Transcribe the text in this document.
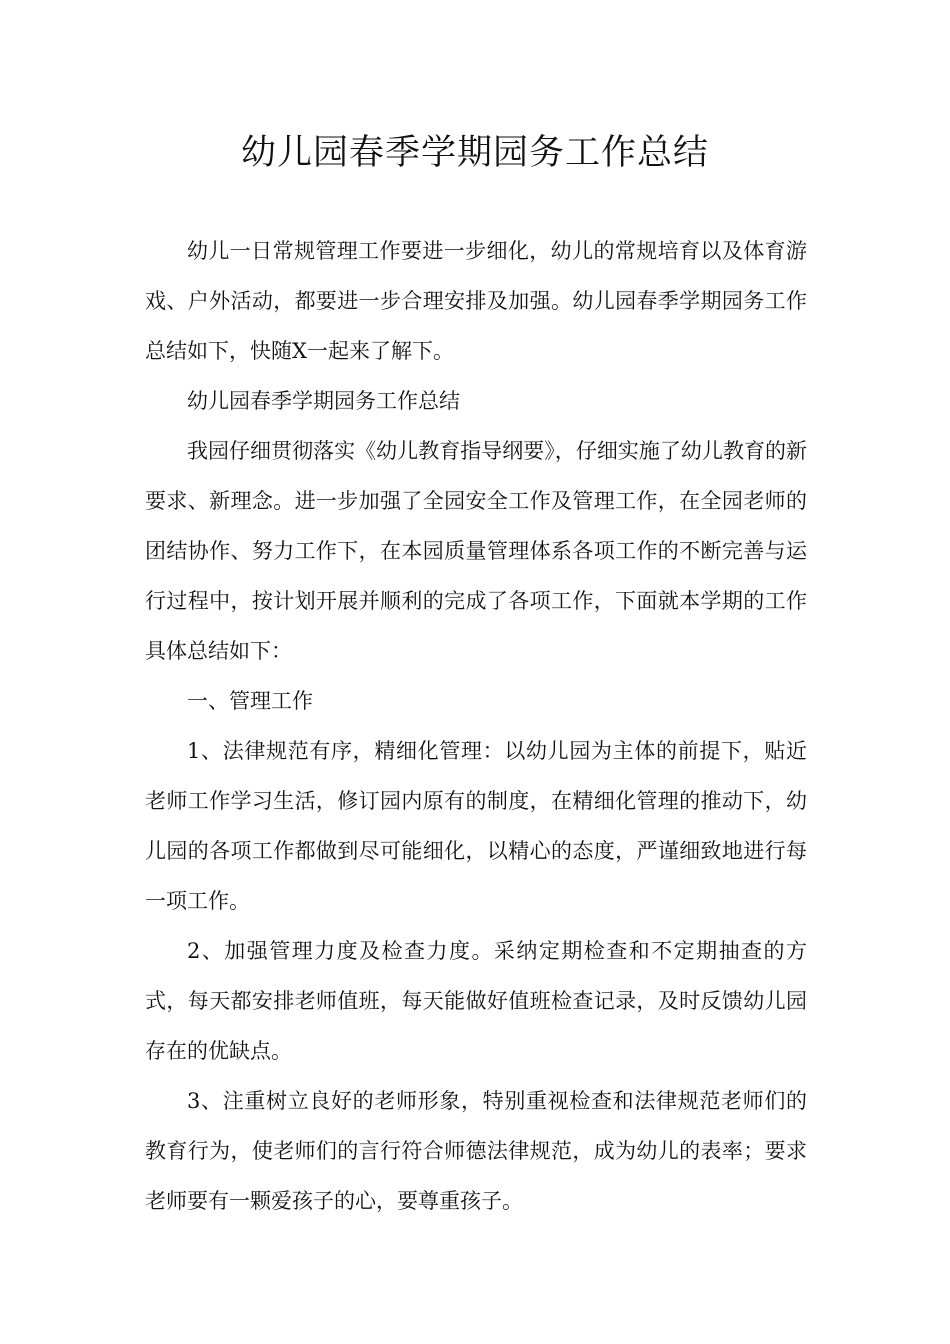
幼儿园春季学期园务工作总结

幼儿一日常规管理工作要进一步细化，幼儿的常规培育以及体育游戏、户外活动，都要进一步合理安排及加强。幼儿园春季学期园务工作总结如下，快随X一起来了解下。

幼儿园春季学期园务工作总结

我园仔细贯彻落实《幼儿教育指导纲要》，仔细实施了幼儿教育的新要求、新理念。进一步加强了全园安全工作及管理工作，在全园老师的团结协作、努力工作下，在本园质量管理体系各项工作的不断完善与运行过程中，按计划开展并顺利的完成了各项工作，下面就本学期的工作具体总结如下：

一、管理工作

1、法律规范有序，精细化管理：以幼儿园为主体的前提下，贴近老师工作学习生活，修订园内原有的制度，在精细化管理的推动下，幼儿园的各项工作都做到尽可能细化，以精心的态度，严谨细致地进行每一项工作。

2、加强管理力度及检查力度。采纳定期检查和不定期抽查的方式，每天都安排老师值班，每天能做好值班检查记录，及时反馈幼儿园存在的优缺点。

3、注重树立良好的老师形象，特别重视检查和法律规范老师们的教育行为，使老师们的言行符合师德法律规范，成为幼儿的表率；要求老师要有一颗爱孩子的心，要尊重孩子。
